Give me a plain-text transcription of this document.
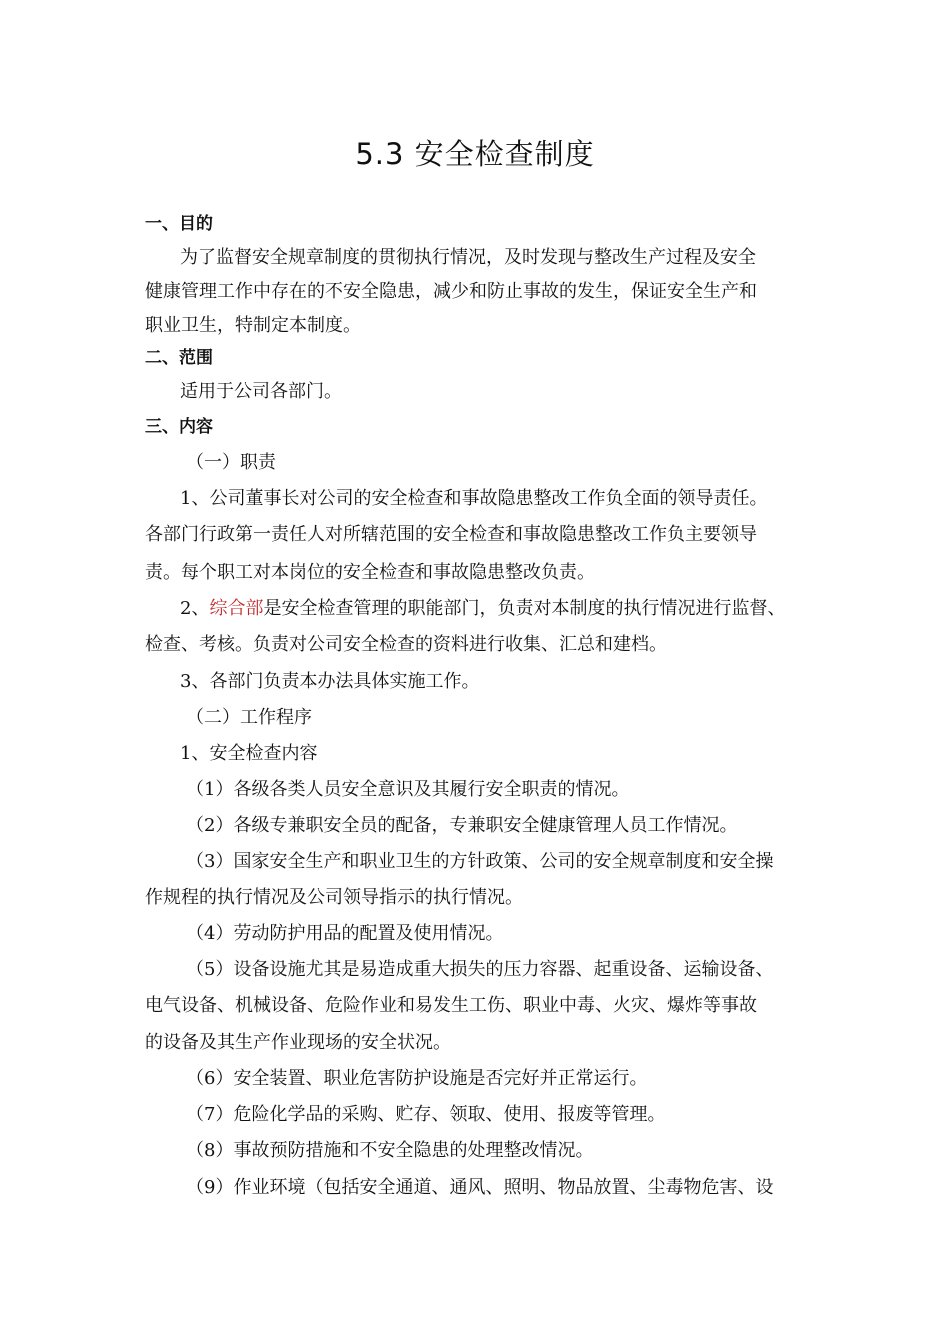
5.3 安全检查制度
一、目的
为了监督安全规章制度的贯彻执行情况，及时发现与整改生产过程及安全
健康管理工作中存在的不安全隐患，减少和防止事故的发生，保证安全生产和
职业卫生，特制定本制度。
二、范围
适用于公司各部门。
三、内容
（一）职责
1、公司董事长对公司的安全检查和事故隐患整改工作负全面的领导责任。
各部门行政第一责任人对所辖范围的安全检查和事故隐患整改工作负主要领导
责。每个职工对本岗位的安全检查和事故隐患整改负责。
2、综合部是安全检查管理的职能部门，负责对本制度的执行情况进行监督、
检查、考核。负责对公司安全检查的资料进行收集、汇总和建档。
3、各部门负责本办法具体实施工作。
（二）工作程序
1、安全检查内容
（1）各级各类人员安全意识及其履行安全职责的情况。
（2）各级专兼职安全员的配备，专兼职安全健康管理人员工作情况。
（3）国家安全生产和职业卫生的方针政策、公司的安全规章制度和安全操
作规程的执行情况及公司领导指示的执行情况。
（4）劳动防护用品的配置及使用情况。
（5）设备设施尤其是易造成重大损失的压力容器、起重设备、运输设备、
电气设备、机械设备、危险作业和易发生工伤、职业中毒、火灾、爆炸等事故
的设备及其生产作业现场的安全状况。
（6）安全装置、职业危害防护设施是否完好并正常运行。
（7）危险化学品的采购、贮存、领取、使用、报废等管理。
（8）事故预防措施和不安全隐患的处理整改情况。
（9）作业环境（包括安全通道、通风、照明、物品放置、尘毒物危害、设
